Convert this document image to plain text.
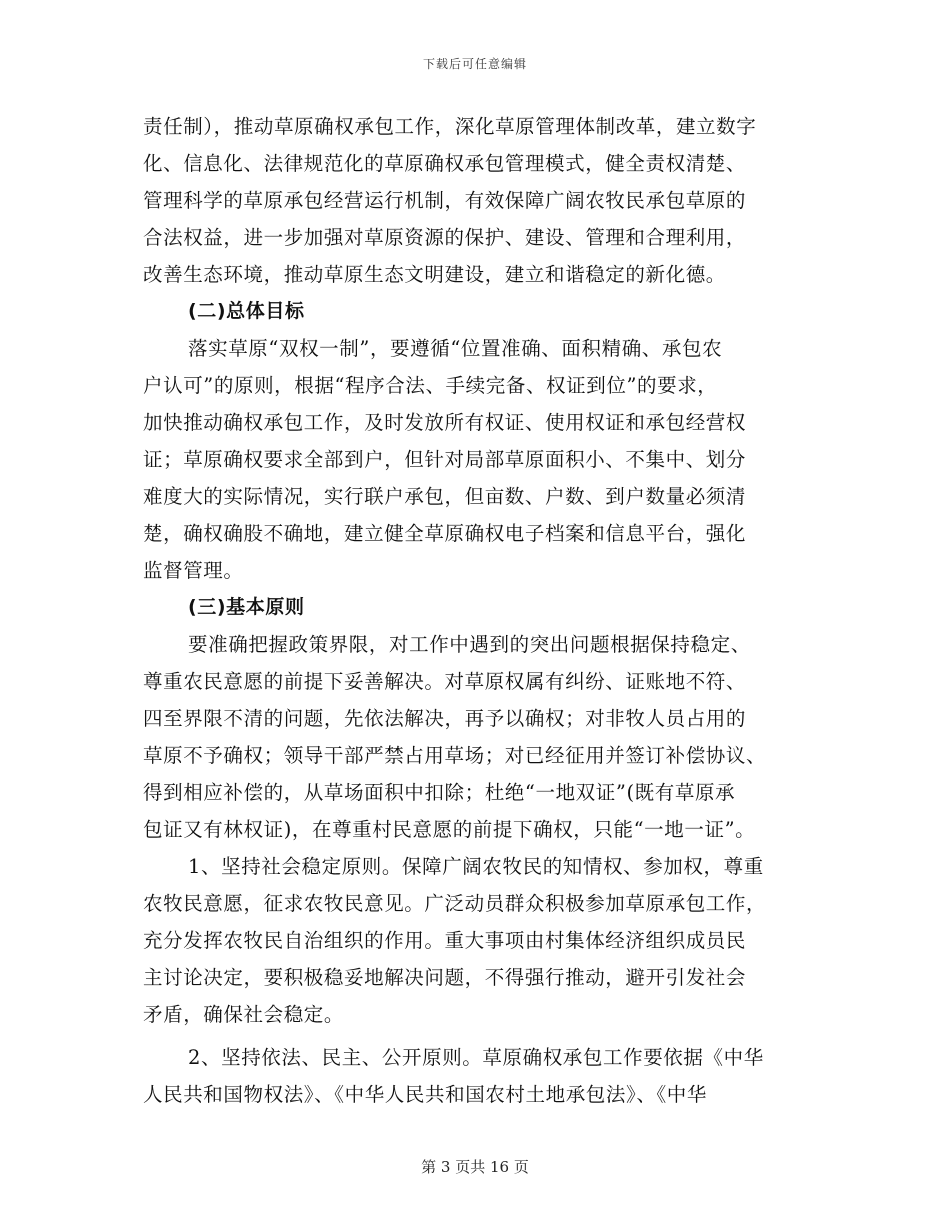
下载后可任意编辑
责任制），推动草原确权承包工作，深化草原管理体制改革，建立数字
化、信息化、法律规范化的草原确权承包管理模式，健全责权清楚、
管理科学的草原承包经营运行机制，有效保障广阔农牧民承包草原的
合法权益，进一步加强对草原资源的保护、建设、管理和合理利用，
改善生态环境，推动草原生态文明建设，建立和谐稳定的新化德。
(二)总体目标
落实草原“双权一制”，要遵循“位置准确、面积精确、承包农
户认可”的原则，根据“程序合法、手续完备、权证到位”的要求，
加快推动确权承包工作，及时发放所有权证、使用权证和承包经营权
证；草原确权要求全部到户，但针对局部草原面积小、不集中、划分
难度大的实际情况，实行联户承包，但亩数、户数、到户数量必须清
楚，确权确股不确地，建立健全草原确权电子档案和信息平台，强化
监督管理。
(三)基本原则
要准确把握政策界限，对工作中遇到的突出问题根据保持稳定、
尊重农民意愿的前提下妥善解决。对草原权属有纠纷、证账地不符、
四至界限不清的问题，先依法解决，再予以确权；对非牧人员占用的
草原不予确权；领导干部严禁占用草场；对已经征用并签订补偿协议、
得到相应补偿的，从草场面积中扣除；杜绝“一地双证”(既有草原承
包证又有林权证)，在尊重村民意愿的前提下确权，只能“一地一证”。
1、坚持社会稳定原则。保障广阔农牧民的知情权、参加权，尊重
农牧民意愿，征求农牧民意见。广泛动员群众积极参加草原承包工作，
充分发挥农牧民自治组织的作用。重大事项由村集体经济组织成员民
主讨论决定，要积极稳妥地解决问题，不得强行推动，避开引发社会
矛盾，确保社会稳定。
2、坚持依法、民主、公开原则。草原确权承包工作要依据《中华
人民共和国物权法》、《中华人民共和国农村土地承包法》、《中华
第 3 页共 16 页
